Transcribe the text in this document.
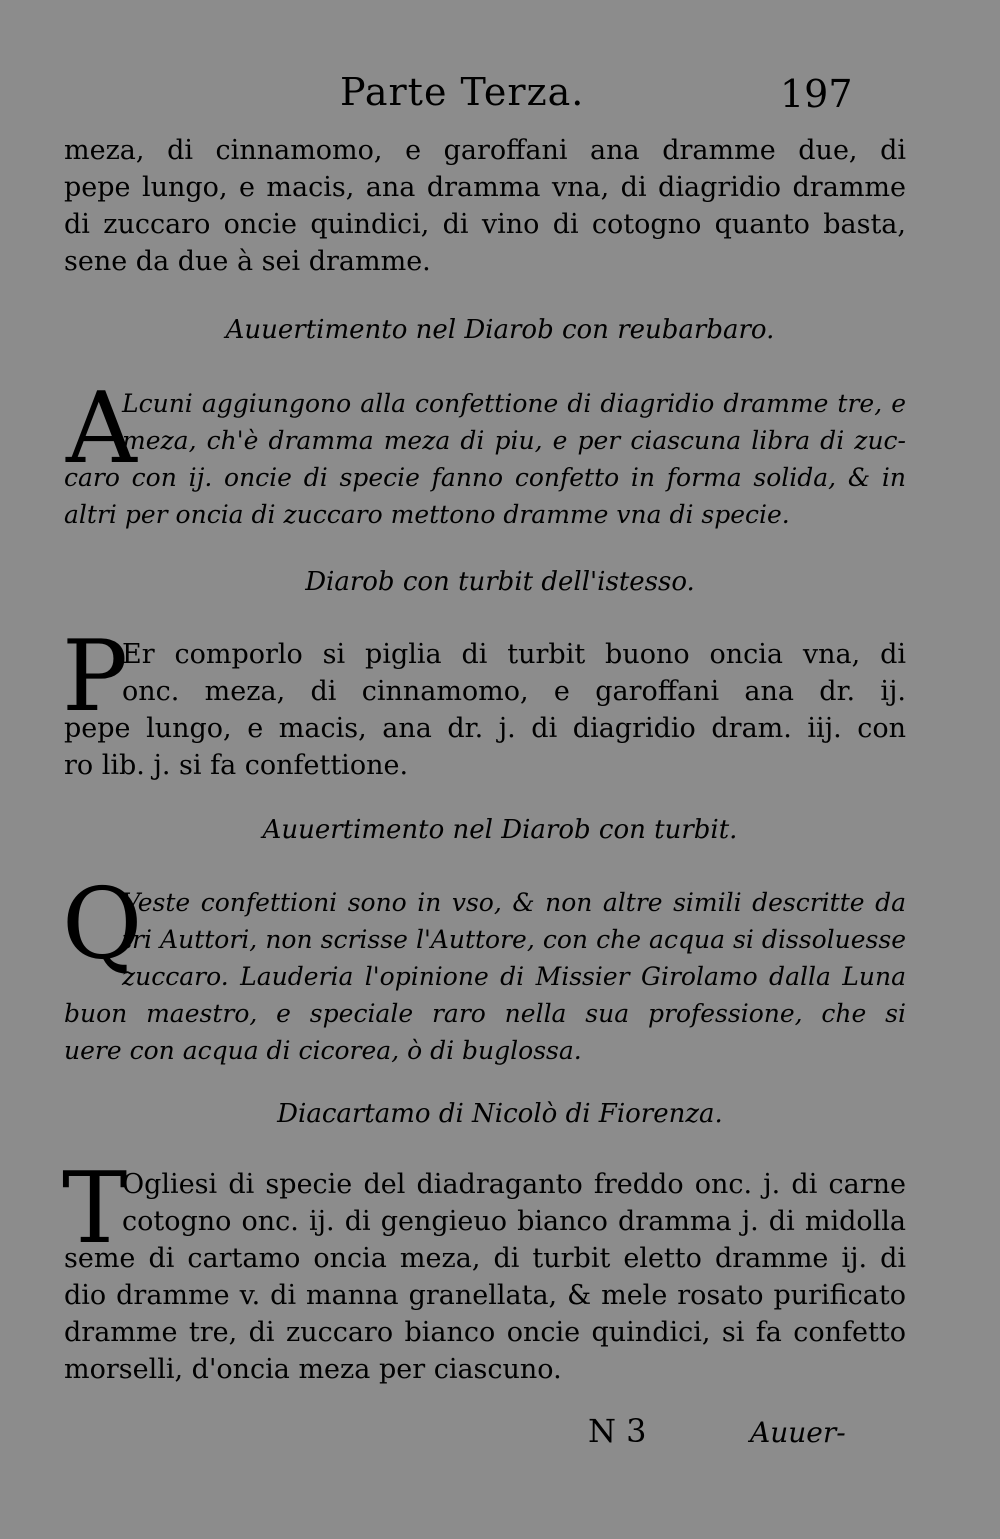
Parte Terza.	197
meza, di cinnamomo, e garoffani ana dramme due, di
pepe lungo, e macis, ana dramma vna, di diagridio dramme
di zuccaro oncie quindici, di vino di cotogno quanto basta,
sene da due à sei dramme.
Auuertimento nel Diarob con reubarbaro.
A
Lcuni aggiungono alla confettione di diagridio dramme tre, e
meza, ch'è dramma meza di piu, e per ciascuna libra di zuc-
caro con ij. oncie di specie fanno confetto in forma solida, & in
altri per oncia di zuccaro mettono dramme vna di specie.
Diarob con turbit dell'istesso.
P
Er comporlo si piglia di turbit buono oncia vna, di
onc. meza, di cinnamomo, e garoffani ana dr. ij.
pepe lungo, e macis, ana dr. j. di diagridio dram. iij. con
ro lib. j. si fa confettione.
Auuertimento nel Diarob con turbit.
Q
Veste confettioni sono in vso, & non altre simili descritte da
tri Auttori, non scrisse l'Auttore, con che acqua si dissoluesse
zuccaro. Lauderia l'opinione di Missier Girolamo dalla Luna
buon maestro, e speciale raro nella sua professione, che si
uere con acqua di cicorea, ò di buglossa.
Diacartamo di Nicolò di Fiorenza.
T
Ogliesi di specie del diadraganto freddo onc. j. di carne
cotogno onc. ij. di gengieuo bianco dramma j. di midolla
seme di cartamo oncia meza, di turbit eletto dramme ij. di
dio dramme v. di manna granellata, & mele rosato purificato
dramme tre, di zuccaro bianco oncie quindici, si fa confetto
morselli, d'oncia meza per ciascuno.
N 3	Auuer-
